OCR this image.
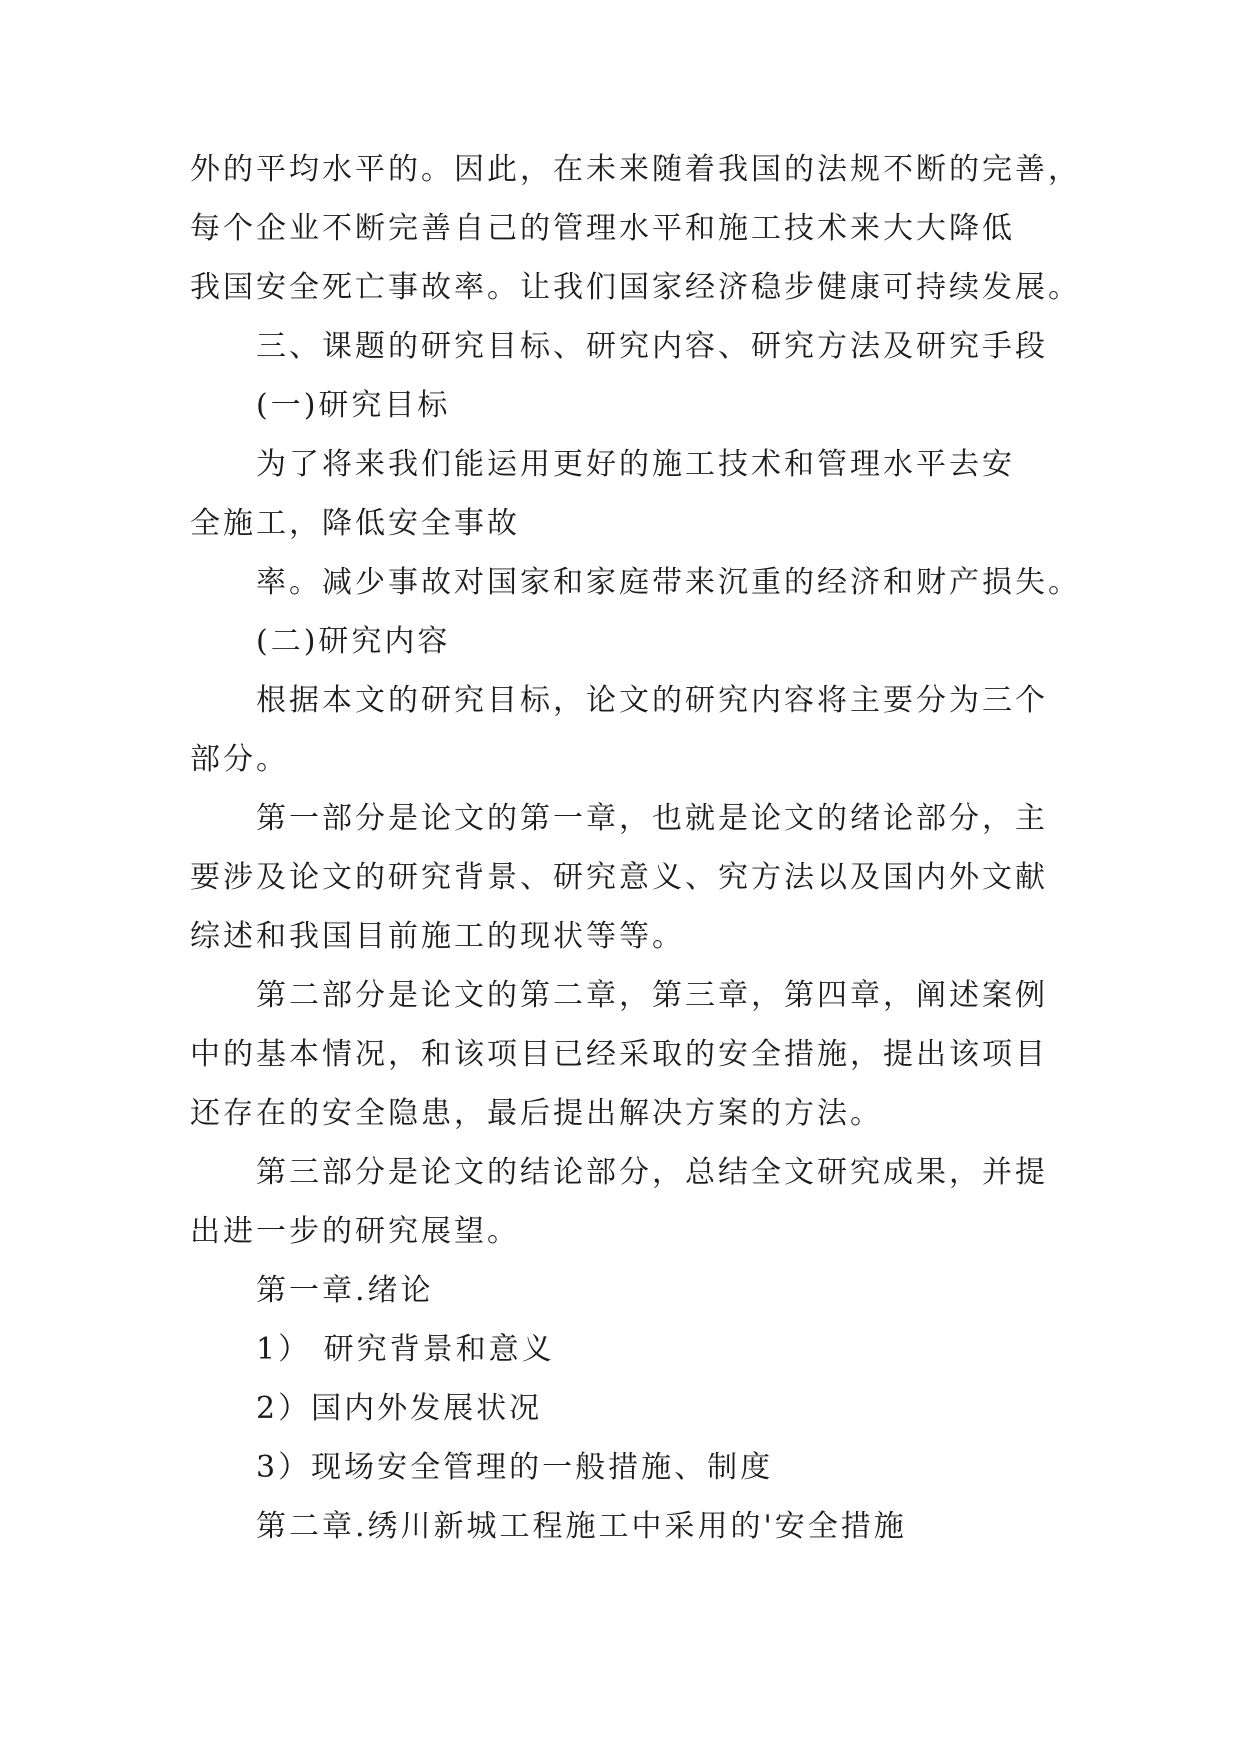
外的平均水平的。因此，在未来随着我国的法规不断的完善，

每个企业不断完善自己的管理水平和施工技术来大大降低

我国安全死亡事故率。让我们国家经济稳步健康可持续发展。

三、课题的研究目标、研究内容、研究方法及研究手段

(一)研究目标

为了将来我们能运用更好的施工技术和管理水平去安

全施工，降低安全事故

率。减少事故对国家和家庭带来沉重的经济和财产损失。

(二)研究内容

根据本文的研究目标，论文的研究内容将主要分为三个

部分。

第一部分是论文的第一章，也就是论文的绪论部分，主

要涉及论文的研究背景、研究意义、究方法以及国内外文献

综述和我国目前施工的现状等等。

第二部分是论文的第二章，第三章，第四章，阐述案例

中的基本情况，和该项目已经采取的安全措施，提出该项目

还存在的安全隐患，最后提出解决方案的方法。

第三部分是论文的结论部分，总结全文研究成果，并提

出进一步的研究展望。

第一章.绪论

1） 研究背景和意义

2）国内外发展状况

3）现场安全管理的一般措施、制度

第二章.绣川新城工程施工中采用的'安全措施
